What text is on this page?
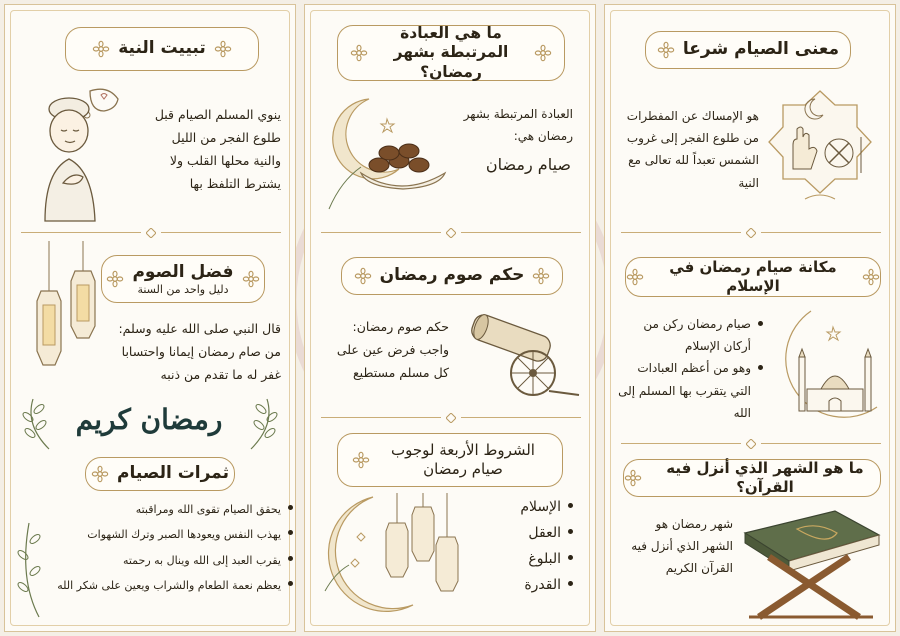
تبييت النية
ينوي المسلم الصيام قبل طلوع الفجر من الليل والنية محلها القلب ولا يشترط التلفظ بها
فضل الصوم
دليل واحد من السنة
قال النبي صلى الله عليه وسلم: من صام رمضان إيمانا واحتسابا غفر له ما تقدم من ذنبه
رمضان كريم
ثمرات الصيام
يحقق الصيام تقوى الله ومراقبته
يهذب النفس ويعودها الصبر وترك الشهوات
يقرب العبد إلى الله وينال به رحمته
يعظم نعمة الطعام والشراب ويعين على شكر الله
ما هي العبادة المرتبطة بشهر رمضان؟
العبادة المرتبطة بشهر رمضان هي:
صيام رمضان
حكم صوم رمضان
حكم صوم رمضان: واجب فرض عين على كل مسلم مستطيع
الشروط الأربعة لوجوب صيام رمضان
الإسلام
العقل
البلوغ
القدرة
معنى الصيام شرعا
هو الإمساك عن المفطرات من طلوع الفجر إلى غروب الشمس تعبداً لله تعالى مع النية
مكانة صيام رمضان في الإسلام
صيام رمضان ركن من أركان الإسلام
وهو من أعظم العبادات التي يتقرب بها المسلم إلى الله
ما هو الشهر الذي أنزل فيه القرآن؟
شهر رمضان هو الشهر الذي أنزل فيه القرآن الكريم
